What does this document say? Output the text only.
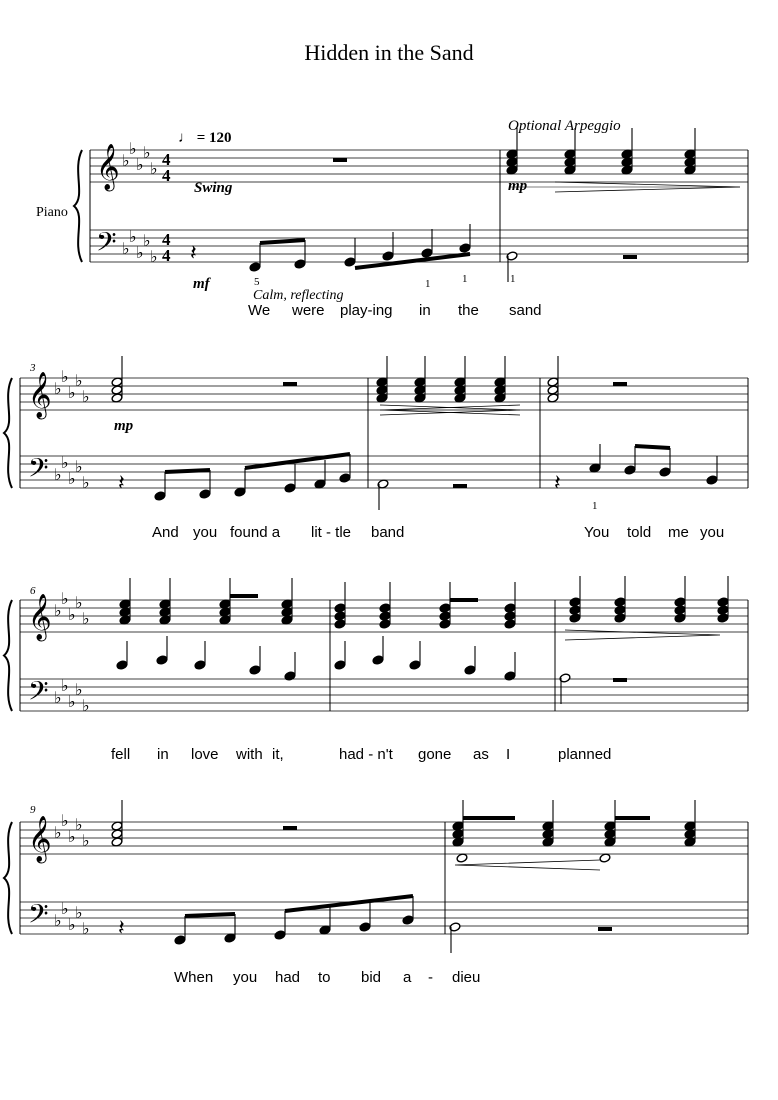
Hidden in the Sand
Piano
Optional Arpeggio
♩ = 120
Swing
mf
mp
mp
Calm, reflecting
3
6
9
5	1	1	1
1
We were play-ing in the sand
And you found a lit - tle band	You told me you
fell in love with it,	had - n't gone as I	planned
When you had to bid a - dieu
𝄞 ♭
♭
♭
♭
♭ 4
4
𝄢 ♭
♭
♭
♭
♭
4
4
𝄞 ♭
♭
♭
♭
♭
𝄢 ♭
♭
♭
♭
♭
𝄞 ♭
♭
♭
♭
♭
𝄢 ♭
♭
♭
♭
♭
𝄞 ♭
♭
♭
♭
♭
𝄢 ♭
♭
♭
♭
♭
𝄽
𝄽	𝄽
𝄽
